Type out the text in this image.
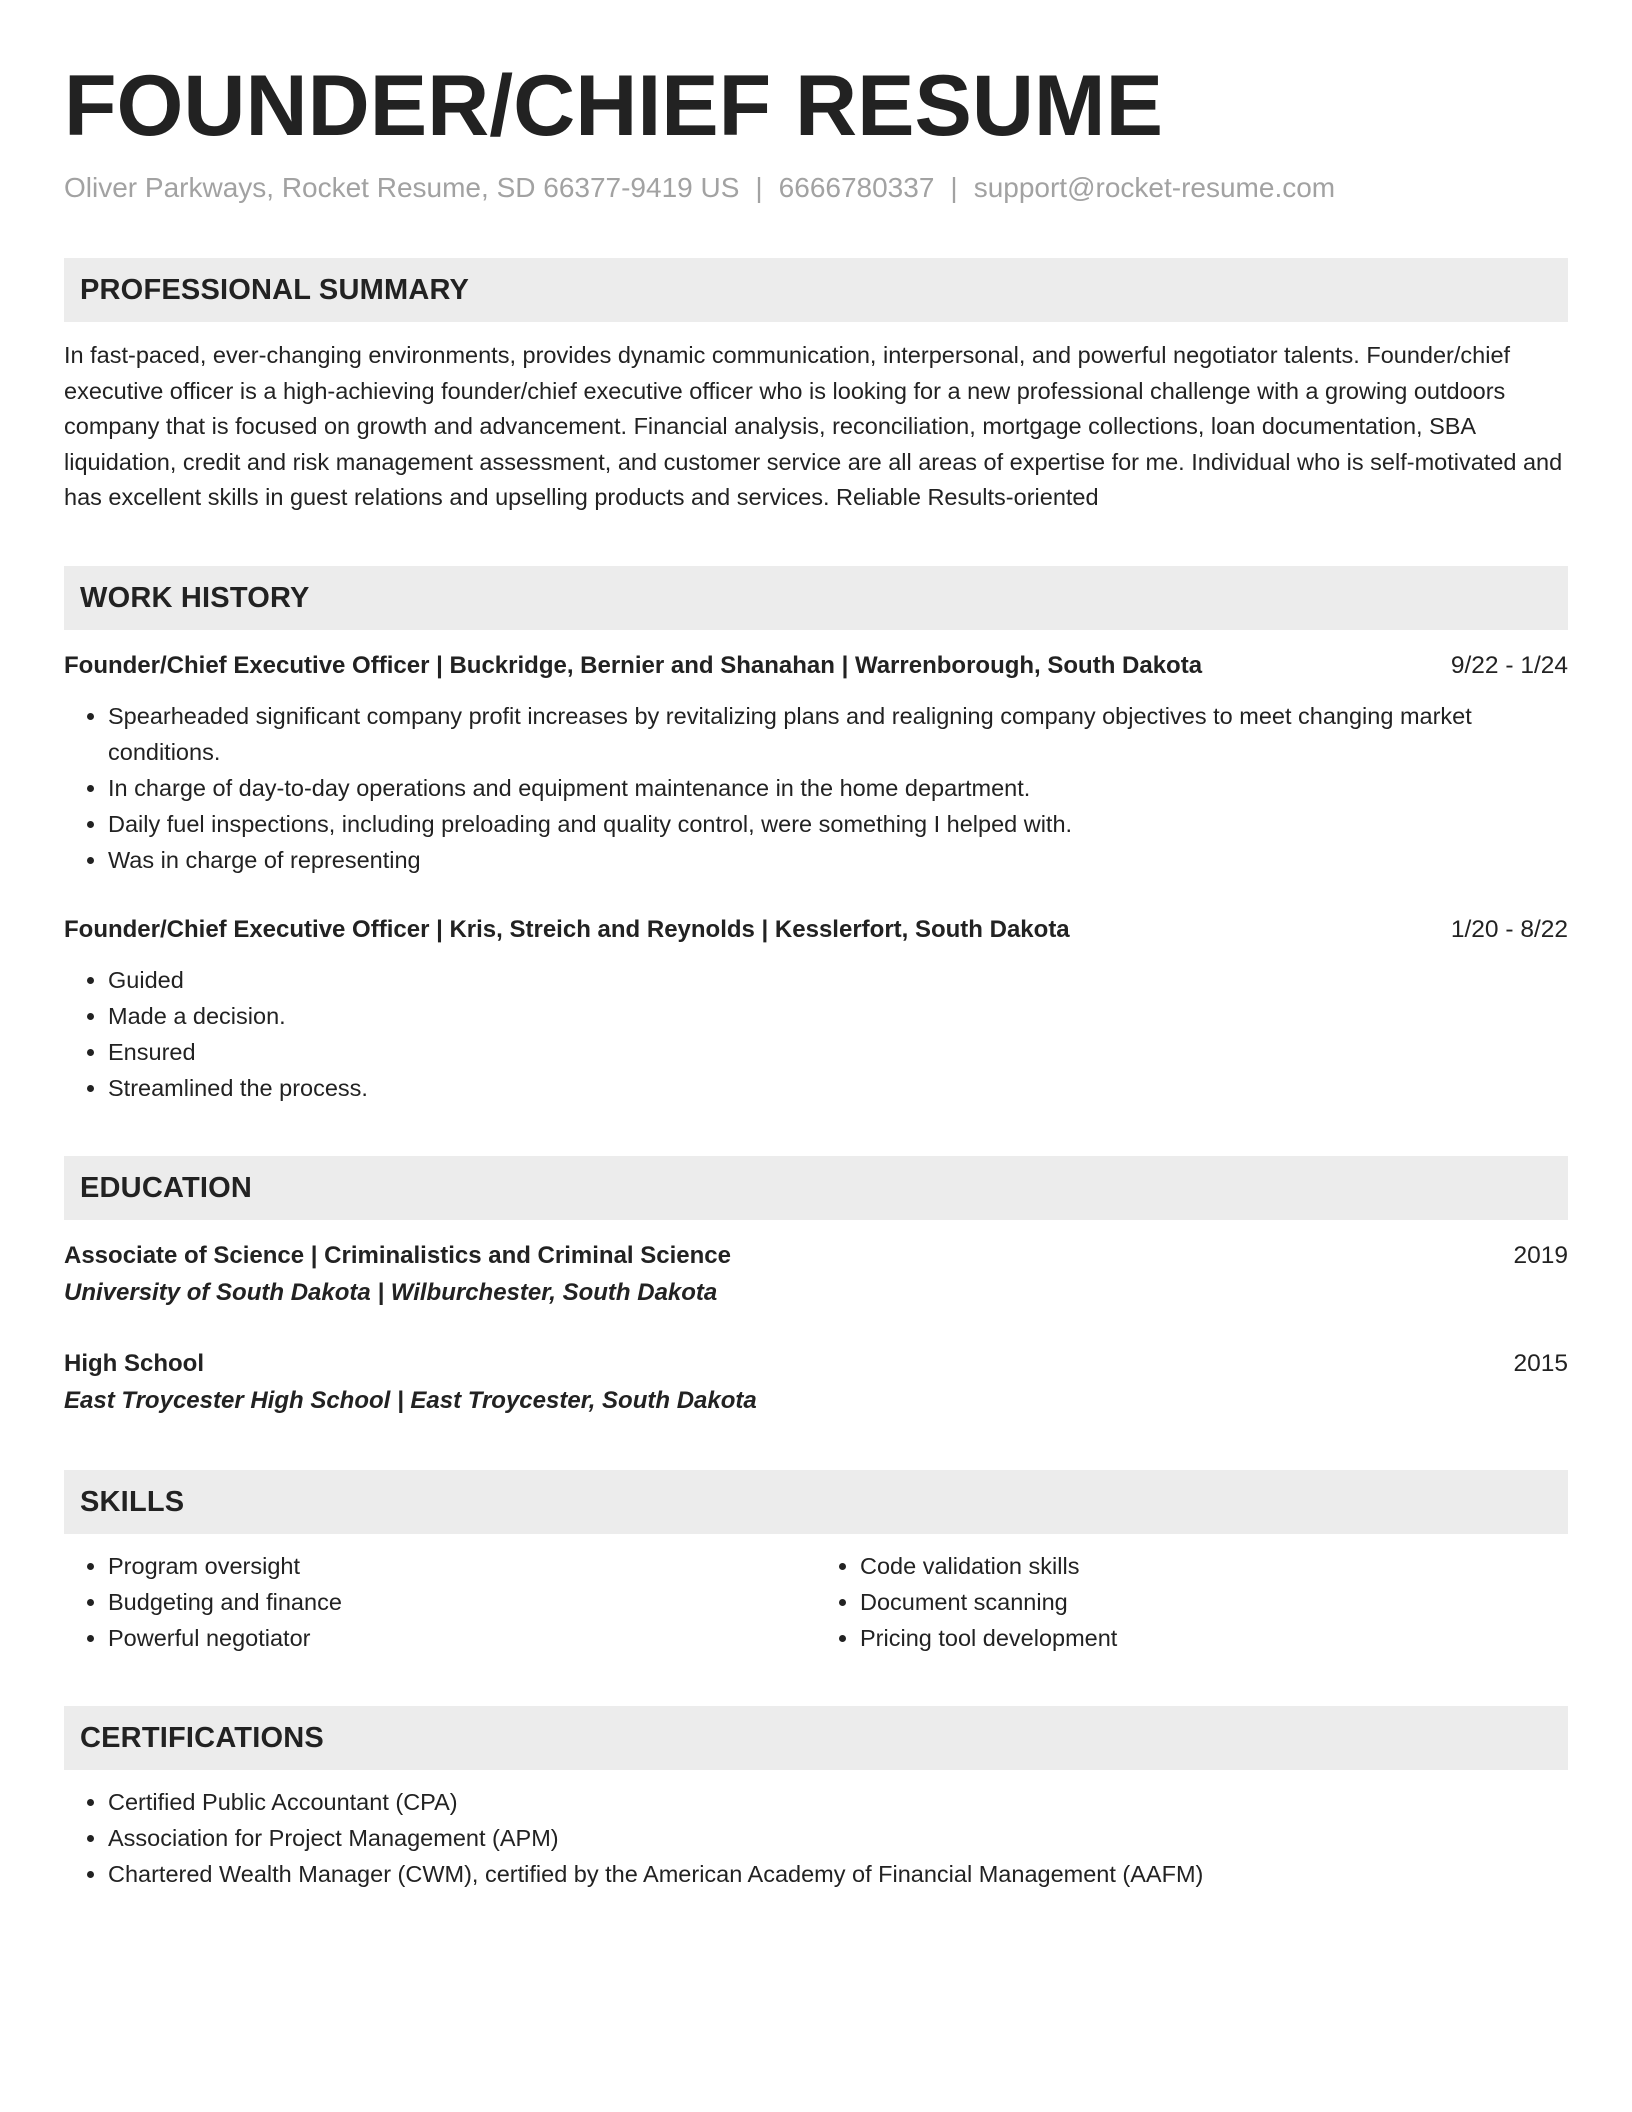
FOUNDER/CHIEF RESUME
Oliver Parkways, Rocket Resume, SD 66377-9419 US | 6666780337 | support@rocket-resume.com
PROFESSIONAL SUMMARY
In fast-paced, ever-changing environments, provides dynamic communication, interpersonal, and powerful negotiator talents. Founder/chief executive officer is a high-achieving founder/chief executive officer who is looking for a new professional challenge with a growing outdoors company that is focused on growth and advancement. Financial analysis, reconciliation, mortgage collections, loan documentation, SBA liquidation, credit and risk management assessment, and customer service are all areas of expertise for me. Individual who is self-motivated and has excellent skills in guest relations and upselling products and services. Reliable Results-oriented
WORK HISTORY
Founder/Chief Executive Officer | Buckridge, Bernier and Shanahan | Warrenborough, South Dakota	9/22 - 1/24
• Spearheaded significant company profit increases by revitalizing plans and realigning company objectives to meet changing market conditions.
• In charge of day-to-day operations and equipment maintenance in the home department.
• Daily fuel inspections, including preloading and quality control, were something I helped with.
• Was in charge of representing
Founder/Chief Executive Officer | Kris, Streich and Reynolds | Kesslerfort, South Dakota	1/20 - 8/22
• Guided
• Made a decision.
• Ensured
• Streamlined the process.
EDUCATION
Associate of Science | Criminalistics and Criminal Science	2019
University of South Dakota | Wilburchester, South Dakota
High School	2015
East Troycester High School | East Troycester, South Dakota
SKILLS
• Program oversight
• Budgeting and finance
• Powerful negotiator
• Code validation skills
• Document scanning
• Pricing tool development
CERTIFICATIONS
• Certified Public Accountant (CPA)
• Association for Project Management (APM)
• Chartered Wealth Manager (CWM), certified by the American Academy of Financial Management (AAFM)
